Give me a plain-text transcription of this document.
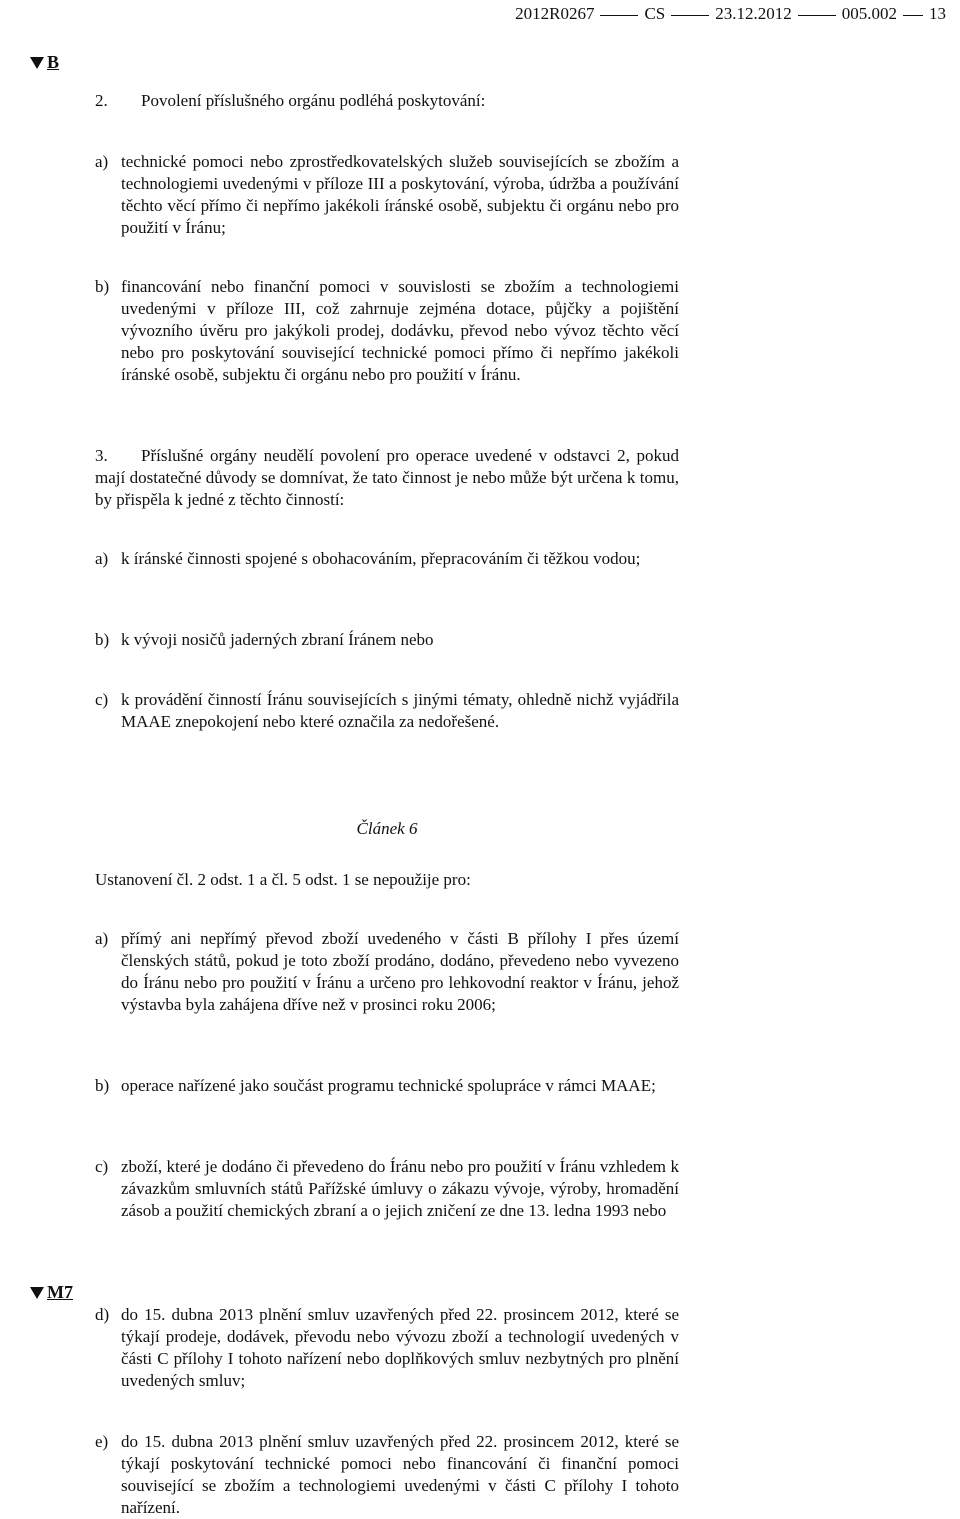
2012R0267	CS	23.12.2012	005.002 13
B

2. Povolení příslušného orgánu podléhá poskytování:

a) technické pomoci nebo zprostředkovatelských služeb souvisejících se zbožím a technologiemi uvedenými v příloze III a poskytování, výroba, údržba a používání těchto věcí přímo či nepřímo jakékoli íránské osobě, subjektu či orgánu nebo pro použití v Íránu;
b) financování nebo finanční pomoci v souvislosti se zbožím a technologiemi uvedenými v příloze III, což zahrnuje zejména dotace, půjčky a pojištění vývozního úvěru pro jakýkoli prodej, dodávku, převod nebo vývoz těchto věcí nebo pro poskytování související technické pomoci přímo či nepřímo jakékoli íránské osobě, subjektu či orgánu nebo pro použití v Íránu.

3. Příslušné orgány neudělí povolení pro operace uvedené v odstavci 2, pokud mají dostatečné důvody se domnívat, že tato činnost je nebo může být určena k tomu, by přispěla k jedné z těchto činností:

a) k íránské činnosti spojené s obohacováním, přepracováním či těžkou vodou;
b) k vývoji nosičů jaderných zbraní Íránem nebo
c) k provádění činností Íránu souvisejících s jinými tématy, ohledně nichž vyjádřila MAAE znepokojení nebo které označila za nedořešené.
Článek 6

Ustanovení čl. 2 odst. 1 a čl. 5 odst. 1 se nepoužije pro:

a) přímý ani nepřímý převod zboží uvedeného v části B přílohy I přes území členských států, pokud je toto zboží prodáno, dodáno, převedeno nebo vyvezeno do Íránu nebo pro použití v Íránu a určeno pro lehkovodní reaktor v Íránu, jehož výstavba byla zahájena dříve než v prosinci roku 2006;
b) operace nařízené jako součást programu technické spolupráce v rámci MAAE;
c) zboží, které je dodáno či převedeno do Íránu nebo pro použití v Íránu vzhledem k závazkům smluvních států Pařížské úmluvy o zákazu vývoje, výroby, hromadění zásob a použití chemických zbraní a o jejich zničení ze dne 13. ledna 1993 nebo
M7
d) do 15. dubna 2013 plnění smluv uzavřených před 22. prosincem 2012, které se týkají prodeje, dodávek, převodu nebo vývozu zboží a technologií uvedených v části C přílohy I tohoto nařízení nebo doplňkových smluv nezbytných pro plnění uvedených smluv;
e) do 15. dubna 2013 plnění smluv uzavřených před 22. prosincem 2012, které se týkají poskytování technické pomoci nebo financování či finanční pomoci související se zbožím a technologiemi uvedenými v části C přílohy I tohoto nařízení.
